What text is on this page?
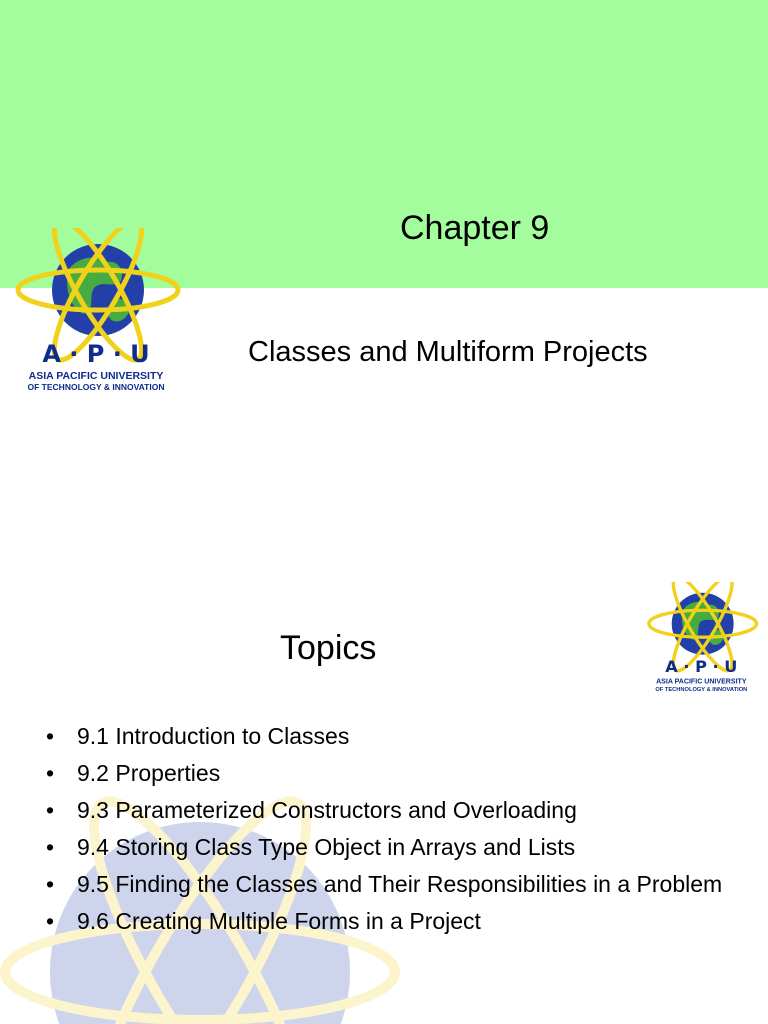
A · P · U
ASIA PACIFIC UNIVERSITY
OF TECHNOLOGY & INNOVATION
Chapter 9
Classes and Multiform Projects
A · P · U
ASIA PACIFIC UNIVERSITY
OF TECHNOLOGY & INNOVATION
Topics
• 9.1 Introduction to Classes
• 9.2 Properties
• 9.3 Parameterized Constructors and Overloading
• 9.4 Storing Class Type Object in Arrays and Lists
• 9.5 Finding the Classes and Their Responsibilities in a Problem
• 9.6 Creating Multiple Forms in a Project
